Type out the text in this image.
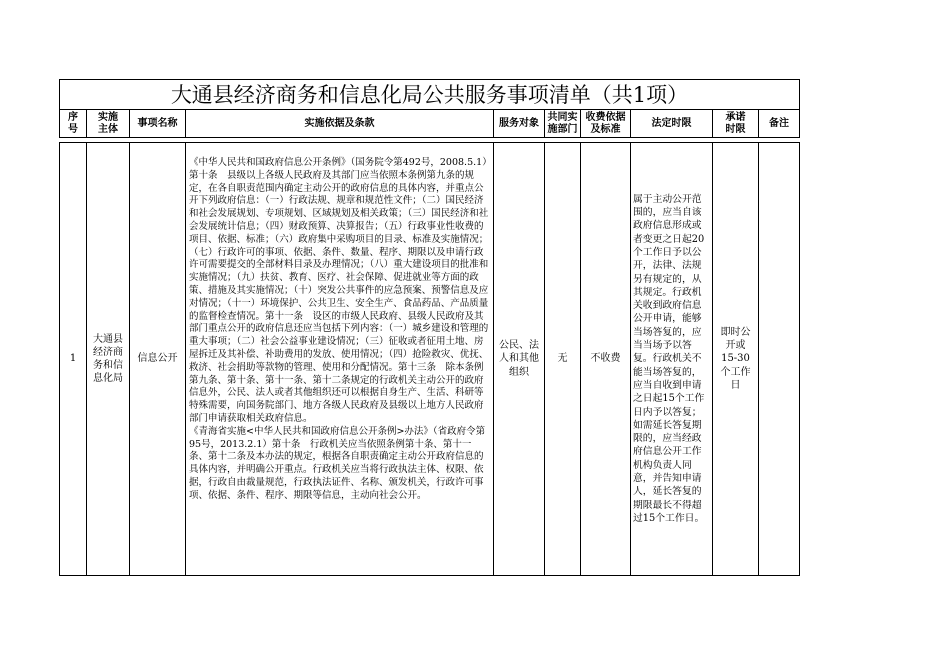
大通县经济商务和信息化局公共服务事项清单（共1项）									
序号	实施主体	事项名称	实施依据及条款	服务对象	共同实施部门	收费依据及标准	法定时限	承诺时限	备注

1	大通县经济商务和信息化局	信息公开	《中华人民共和国政府信息公开条例》（国务院令第492号，2008.5.1）第十条　县级以上各级人民政府及其部门应当依照本条例第九条的规定，在各自职责范围内确定主动公开的政府信息的具体内容，并重点公开下列政府信息：（一）行政法规、规章和规范性文件；（二）国民经济和社会发展规划、专项规划、区域规划及相关政策；（三）国民经济和社会发展统计信息；（四）财政预算、决算报告；（五）行政事业性收费的项目、依据、标准；（六）政府集中采购项目的目录、标准及实施情况；（七）行政许可的事项、依据、条件、数量、程序、期限以及申请行政许可需要提交的全部材料目录及办理情况；（八）重大建设项目的批准和实施情况；（九）扶贫、教育、医疗、社会保障、促进就业等方面的政策、措施及其实施情况；（十）突发公共事件的应急预案、预警信息及应对情况；（十一）环境保护、公共卫生、安全生产、食品药品、产品质量的监督检查情况。第十一条　设区的市级人民政府、县级人民政府及其部门重点公开的政府信息还应当包括下列内容：（一）城乡建设和管理的重大事项；（二）社会公益事业建设情况；（三）征收或者征用土地、房屋拆迁及其补偿、补助费用的发放、使用情况；（四）抢险救灾、优抚、救济、社会捐助等款物的管理、使用和分配情况。第十三条　除本条例第九条、第十条、第十一条、第十二条规定的行政机关主动公开的政府信息外，公民、法人或者其他组织还可以根据自身生产、生活、科研等特殊需要，向国务院部门、地方各级人民政府及县级以上地方人民政府部门申请获取相关政府信息。
《青海省实施<中华人民共和国政府信息公开条例>办法》（省政府令第95号，2013.2.1）第十条　行政机关应当依照条例第十条、第十一条、第十二条及本办法的规定，根据各自职责确定主动公开政府信息的具体内容，并明确公开重点。行政机关应当将行政执法主体、权限、依据，行政自由裁量规范，行政执法证件、名称、颁发机关，行政许可事项、依据、条件、程序、期限等信息，主动向社会公开。	公民、法人和其他组织	无	不收费	属于主动公开范围的，应当自该政府信息形成或者变更之日起20个工作日予以公开，法律、法规另有规定的，从其规定。行政机关收到政府信息公开申请，能够当场答复的，应当当场予以答复。行政机关不能当场答复的，应当自收到申请之日起15个工作日内予以答复；如需延长答复期限的，应当经政府信息公开工作机构负责人同意，并告知申请人，延长答复的期限最长不得超过15个工作日。	即时公开或15-30个工作日	
